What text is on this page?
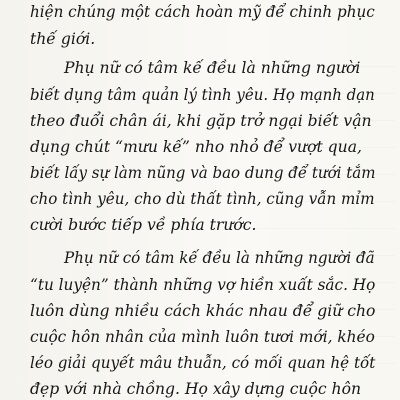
hiện chúng một cách hoàn mỹ để chinh phục
thế giới.
Phụ nữ có tâm kế đều là những người
biết dụng tâm quản lý tình yêu. Họ mạnh dạn
theo đuổi chân ái, khi gặp trở ngại biết vận
dụng chút “mưu kế” nho nhỏ để vượt qua,
biết lấy sự làm nũng và bao dung để tưới tắm
cho tình yêu, cho dù thất tình, cũng vẫn mỉm
cười bước tiếp về phía trước.
Phụ nữ có tâm kế đều là những người đã
“tu luyện” thành những vợ hiền xuất sắc. Họ
luôn dùng nhiều cách khác nhau để giữ cho
cuộc hôn nhân của mình luôn tươi mới, khéo
léo giải quyết mâu thuẫn, có mối quan hệ tốt
đẹp với nhà chồng. Họ xây dựng cuộc hôn
